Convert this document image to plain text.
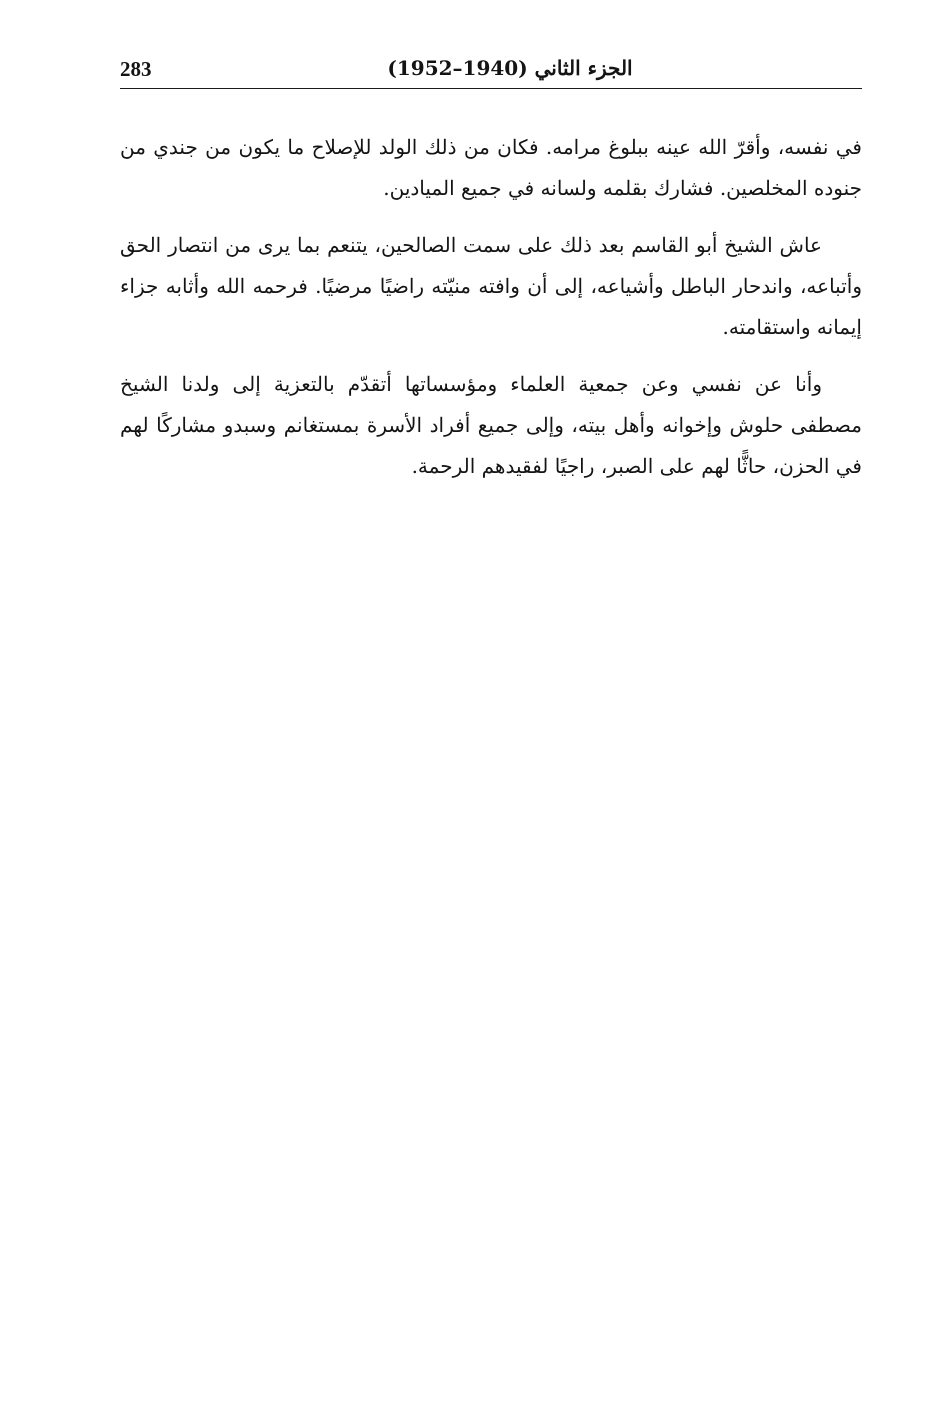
283	الجزء الثاني (1940–1952)

في نفسه، وأقرّ الله عينه ببلوغ مرامه. فكان من ذلك الولد للإصلاح ما يكون من جندي من جنوده المخلصين. فشارك بقلمه ولسانه في جميع الميادين.

عاش الشيخ أبو القاسم بعد ذلك على سمت الصالحين، يتنعم بما يرى من انتصار الحق وأتباعه، واندحار الباطل وأشياعه، إلى أن وافته منيّته راضيًا مرضيًا. فرحمه الله وأثابه جزاء إيمانه واستقامته.

وأنا عن نفسي وعن جمعية العلماء ومؤسساتها أتقدّم بالتعزية إلى ولدنا الشيخ مصطفى حلوش وإخوانه وأهل بيته، وإلى جميع أفراد الأسرة بمستغانم وسبدو مشاركًا لهم في الحزن، حاثًّا لهم على الصبر، راجيًا لفقيدهم الرحمة.
